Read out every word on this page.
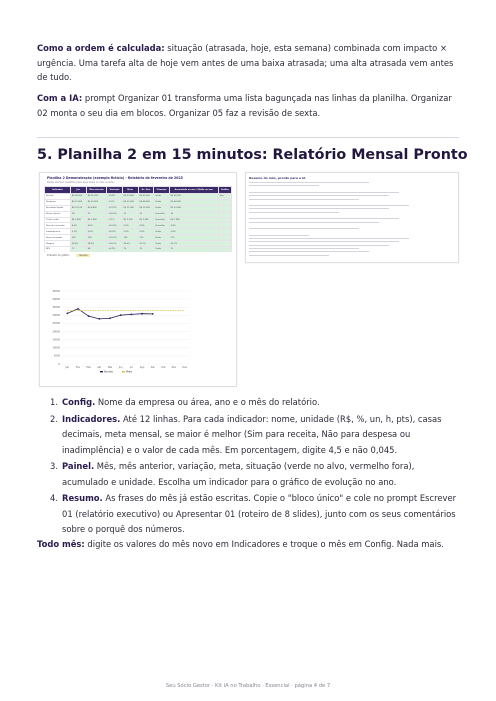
Como a ordem é calculada: situação (atrasada, hoje, esta semana) combinada com impacto × urgência. Uma tarefa alta de hoje vem antes de uma baixa atrasada; uma alta atrasada vem antes de tudo.
Com a IA: prompt Organizar 01 transforma uma lista bagunçada nas linhas da planilha. Organizar 02 monta o seu dia em blocos. Organizar 05 faz a revisão de sexta.
5. Planilha 2 em 15 minutos: Relatório Mensal Pronto
Planilha 2 Demonstração (exemplo fictício) - Relatório de fevereiro de 2025
Dados exemplo. Substitua pelos seus dados no mês corrente.
Indicador	Jan	Mês anterior	Variação	Meta	Ac. Ano	Situação	Acumulado no ano / Média no ano	Gráfico
Receita	R$ 34.000	R$ 31.200	+9,0%	R$ 33.000	R$ 65.200	Verde	R$ 65.200	Sim
Despesas	R$ 21.900	R$ 22.400	-2,2%	R$ 22.000	R$ 44.300	Verde	R$ 44.300	
Resultado líquido	R$ 12.100	R$ 8.800	+37,5%	R$ 11.000	R$ 20.900	Verde	R$ 20.900	
Novos clientes	18	15	+20,0%	20	33	Vermelho	33	
Ticket médio	R$ 1.890	R$ 2.080	-9,1%	R$ 2.000	R$ 1.985	Vermelho	R$ 1.985	
Taxa de conversão	4,5%	4,0%	+12,5%	5,0%	4,3%	Vermelho	4,3%	
Inadimplência	2,1%	3,0%	-30,0%	2,5%	2,6%	Verde	2,6%	
Horas faturadas	142	128	+10,9%	140	270	Verde	270	
Margem	35,6%	28,2%	+26,2%	33,0%	32,1%	Verde	32,1%	
NPS	72	68	+5,9%	70	70	Verde	70	

Indicador do gráfico:	Receita
45000
40000
35000
30000
25000
20000
15000
10000
5000
0
Jan	Fev	Mar	Abr	Mai	Jun	Jul	Ago	Set	Out	Nov	Dez
Receita	Meta
Resumo do mês, pronto para a IA
1. Config. Nome da empresa ou área, ano e o mês do relatório.
2. Indicadores. Até 12 linhas. Para cada indicador: nome, unidade (R$, %, un, h, pts), casas decimais, meta mensal, se maior é melhor (Sim para receita, Não para despesa ou inadimplência) e o valor de cada mês. Em porcentagem, digite 4,5 e não 0,045.
3. Painel. Mês, mês anterior, variação, meta, situação (verde no alvo, vermelho fora), acumulado e unidade. Escolha um indicador para o gráfico de evolução no ano.
4. Resumo. As frases do mês já estão escritas. Copie o "bloco único" e cole no prompt Escrever 01 (relatório executivo) ou Apresentar 01 (roteiro de 8 slides), junto com os seus comentários sobre o porquê dos números.
Todo mês: digite os valores do mês novo em Indicadores e troque o mês em Config. Nada mais.
Seu Sócio Gestor · Kit IA no Trabalho · Essencial · página 4 de 7
